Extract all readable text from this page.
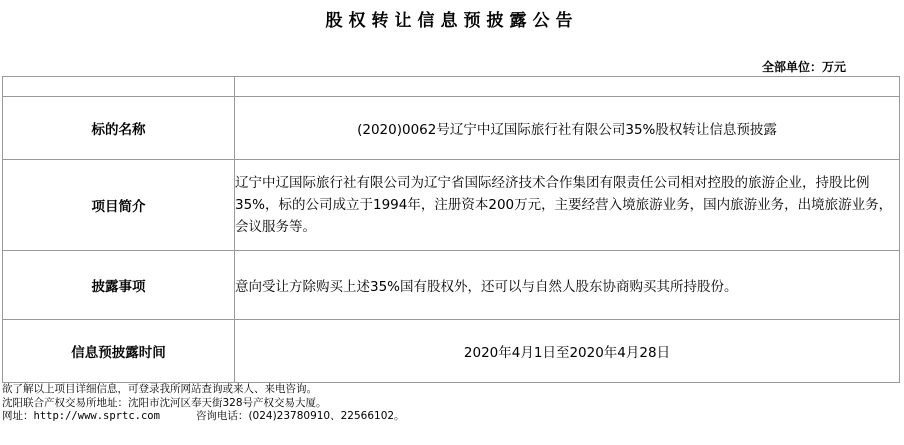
股权转让信息预披露公告
全部单位：万元

标的名称	(2020)0062号辽宁中辽国际旅行社有限公司35%股权转让信息预披露
项目简介	辽宁中辽国际旅行社有限公司为辽宁省国际经济技术合作集团有限责任公司相对控股的旅游企业，持股比例35%，标的公司成立于1994年，注册资本200万元，主要经营入境旅游业务，国内旅游业务，出境旅游业务，会议服务等。
披露事项	意向受让方除购买上述35%国有股权外，还可以与自然人股东协商购买其所持股份。
信息预披露时间	2020年4月1日至2020年4月28日
欲了解以上项目详细信息，可登录我所网站查询或来人、来电咨询。
沈阳联合产权交易所地址：沈阳市沈河区奉天街328号产权交易大厦。
网址：http://www.sprtc.com	咨询电话：(024)23780910、22566102。
